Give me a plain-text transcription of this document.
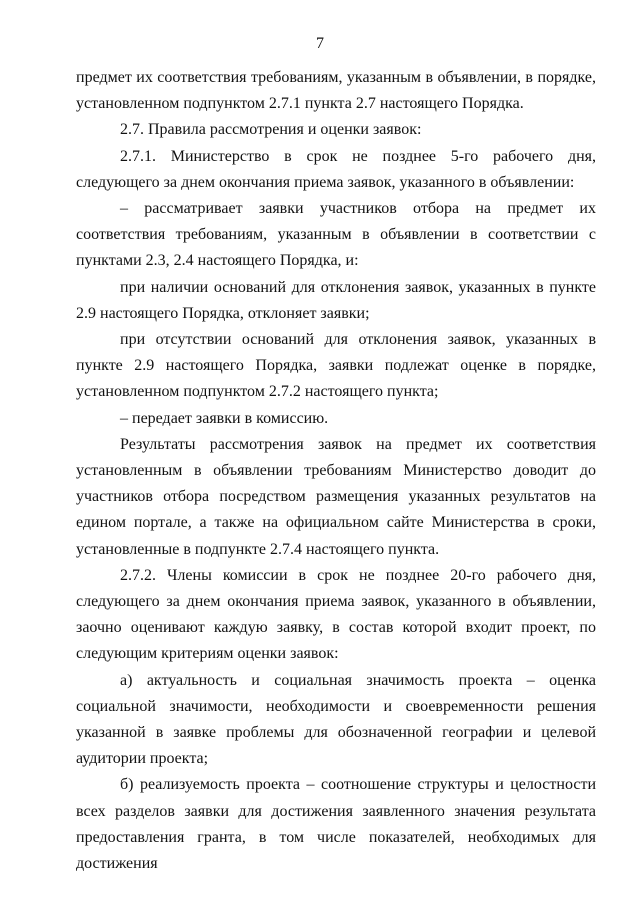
7

предмет их соответствия требованиям, указанным в объявлении, в порядке, установленном подпунктом 2.7.1 пункта 2.7 настоящего Порядка.

2.7. Правила рассмотрения и оценки заявок:

2.7.1. Министерство в срок не позднее 5-го рабочего дня, следующего за днем окончания приема заявок, указанного в объявлении:

– рассматривает заявки участников отбора на предмет их соответствия требованиям, указанным в объявлении в соответствии с пунктами 2.3, 2.4 настоящего Порядка, и:

при наличии оснований для отклонения заявок, указанных в пункте 2.9 настоящего Порядка, отклоняет заявки;

при отсутствии оснований для отклонения заявок, указанных в пункте 2.9 настоящего Порядка, заявки подлежат оценке в порядке, установленном подпунктом 2.7.2 настоящего пункта;

– передает заявки в комиссию.

Результаты рассмотрения заявок на предмет их соответствия установленным в объявлении требованиям Министерство доводит до участников отбора посредством размещения указанных результатов на едином портале, а также на официальном сайте Министерства в сроки, установленные в подпункте 2.7.4 настоящего пункта.

2.7.2. Члены комиссии в срок не позднее 20-го рабочего дня, следующего за днем окончания приема заявок, указанного в объявлении, заочно оценивают каждую заявку, в состав которой входит проект, по следующим критериям оценки заявок:

а) актуальность и социальная значимость проекта – оценка социальной значимости, необходимости и своевременности решения указанной в заявке проблемы для обозначенной географии и целевой аудитории проекта;

б) реализуемость проекта – соотношение структуры и целостности всех разделов заявки для достижения заявленного значения результата предоставления гранта, в том числе показателей, необходимых для достижения
